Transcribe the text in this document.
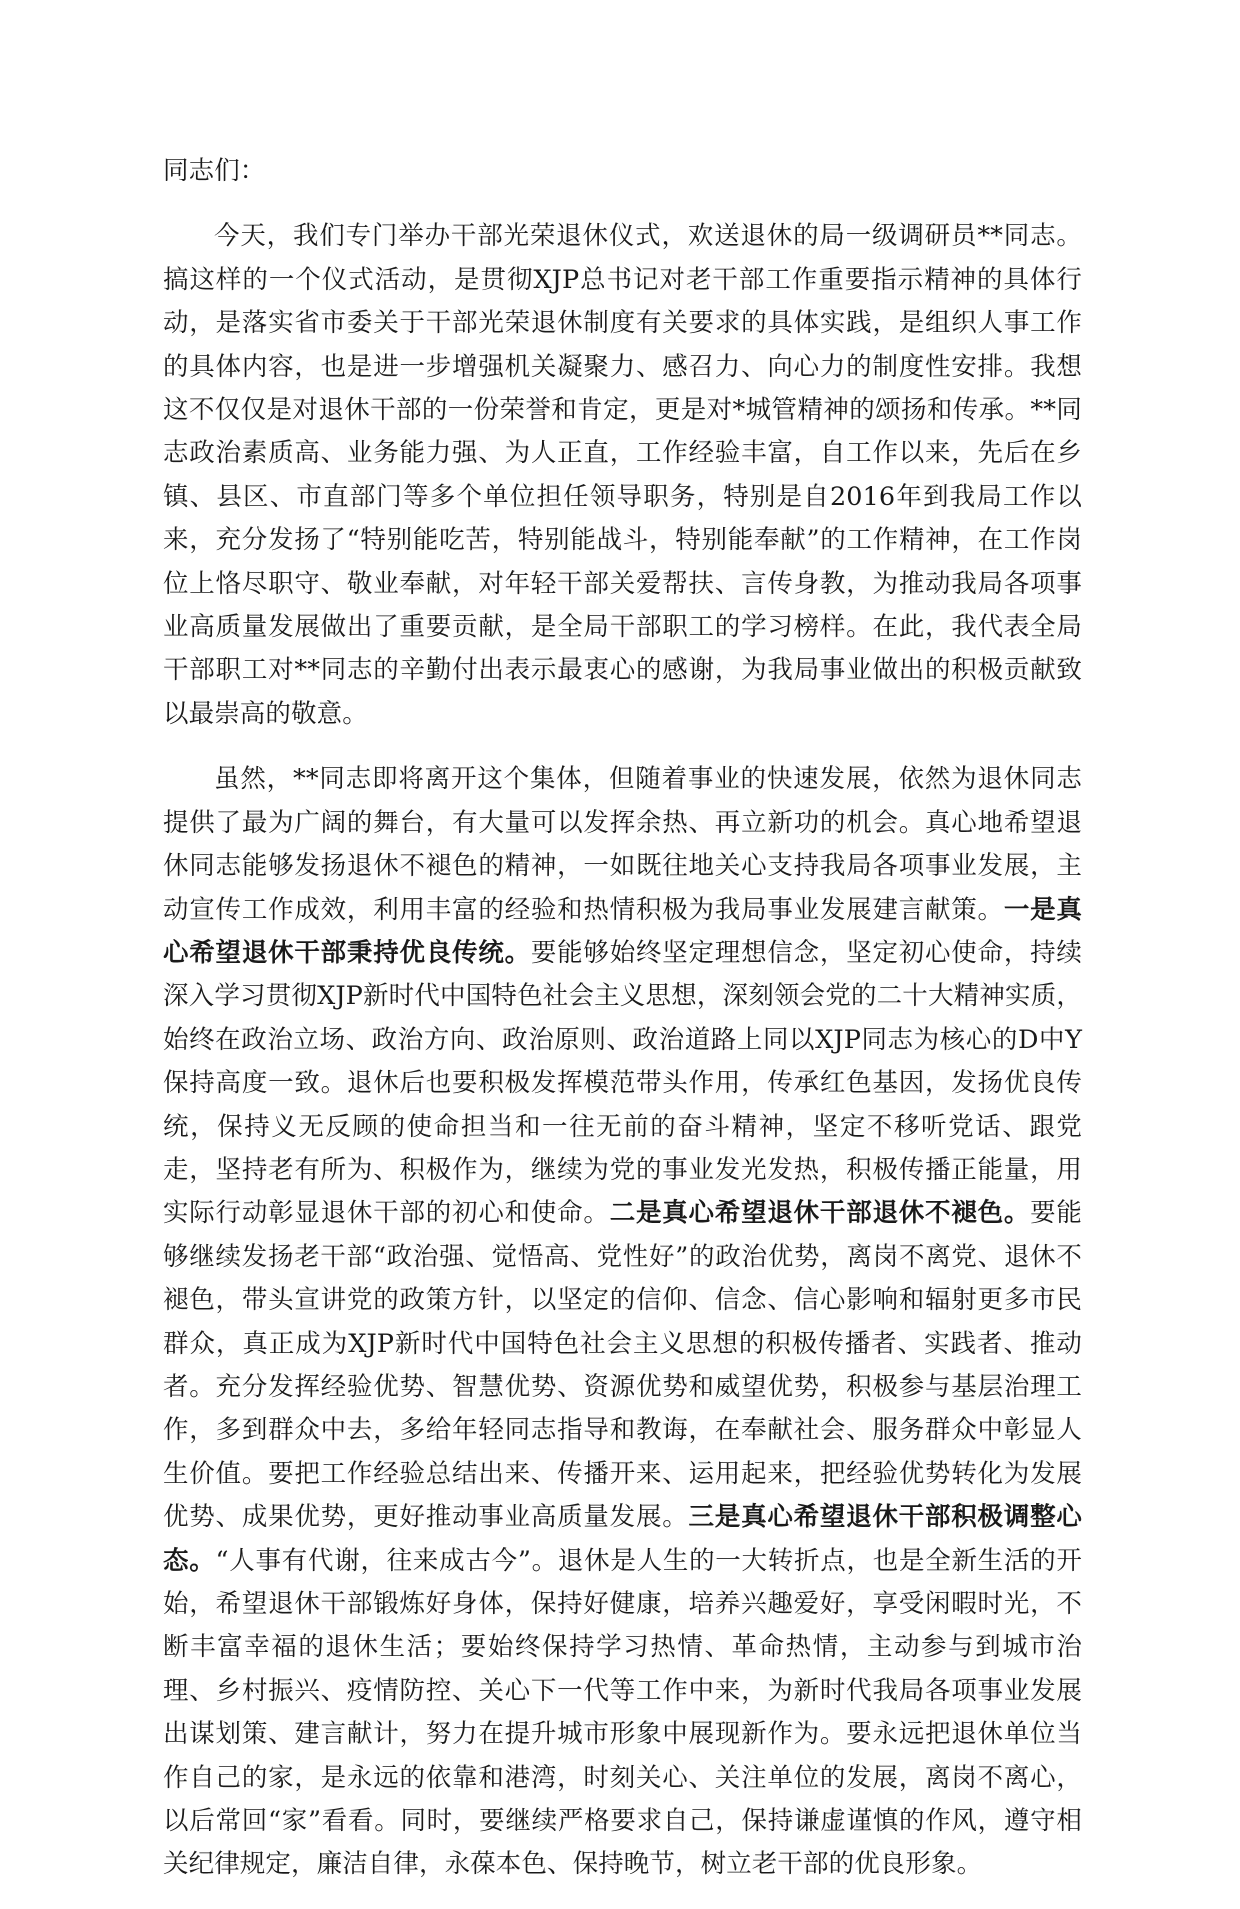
同志们：

今天，我们专门举办干部光荣退休仪式，欢送退休的局一级调研员**同志。搞这样的一个仪式活动，是贯彻XJP总书记对老干部工作重要指示精神的具体行动，是落实省市委关于干部光荣退休制度有关要求的具体实践，是组织人事工作的具体内容，也是进一步增强机关凝聚力、感召力、向心力的制度性安排。我想这不仅仅是对退休干部的一份荣誉和肯定，更是对*城管精神的颂扬和传承。**同志政治素质高、业务能力强、为人正直，工作经验丰富，自工作以来，先后在乡镇、县区、市直部门等多个单位担任领导职务，特别是自2016年到我局工作以来，充分发扬了“特别能吃苦，特别能战斗，特别能奉献”的工作精神，在工作岗位上恪尽职守、敬业奉献，对年轻干部关爱帮扶、言传身教，为推动我局各项事业高质量发展做出了重要贡献，是全局干部职工的学习榜样。在此，我代表全局干部职工对**同志的辛勤付出表示最衷心的感谢，为我局事业做出的积极贡献致以最崇高的敬意。

虽然，**同志即将离开这个集体，但随着事业的快速发展，依然为退休同志提供了最为广阔的舞台，有大量可以发挥余热、再立新功的机会。真心地希望退休同志能够发扬退休不褪色的精神，一如既往地关心支持我局各项事业发展，主动宣传工作成效，利用丰富的经验和热情积极为我局事业发展建言献策。一是真心希望退休干部秉持优良传统。要能够始终坚定理想信念，坚定初心使命，持续深入学习贯彻XJP新时代中国特色社会主义思想，深刻领会党的二十大精神实质，始终在政治立场、政治方向、政治原则、政治道路上同以XJP同志为核心的D中Y保持高度一致。退休后也要积极发挥模范带头作用，传承红色基因，发扬优良传统，保持义无反顾的使命担当和一往无前的奋斗精神，坚定不移听党话、跟党走，坚持老有所为、积极作为，继续为党的事业发光发热，积极传播正能量，用实际行动彰显退休干部的初心和使命。二是真心希望退休干部退休不褪色。要能够继续发扬老干部“政治强、觉悟高、党性好”的政治优势，离岗不离党、退休不褪色，带头宣讲党的政策方针，以坚定的信仰、信念、信心影响和辐射更多市民群众，真正成为XJP新时代中国特色社会主义思想的积极传播者、实践者、推动者。充分发挥经验优势、智慧优势、资源优势和威望优势，积极参与基层治理工作，多到群众中去，多给年轻同志指导和教诲，在奉献社会、服务群众中彰显人生价值。要把工作经验总结出来、传播开来、运用起来，把经验优势转化为发展优势、成果优势，更好推动事业高质量发展。三是真心希望退休干部积极调整心态。“人事有代谢，往来成古今”。退休是人生的一大转折点，也是全新生活的开始，希望退休干部锻炼好身体，保持好健康，培养兴趣爱好，享受闲暇时光，不断丰富幸福的退休生活；要始终保持学习热情、革命热情，主动参与到城市治理、乡村振兴、疫情防控、关心下一代等工作中来，为新时代我局各项事业发展出谋划策、建言献计，努力在提升城市形象中展现新作为。要永远把退休单位当作自己的家，是永远的依靠和港湾，时刻关心、关注单位的发展，离岗不离心，以后常回“家”看看。同时，要继续严格要求自己，保持谦虚谨慎的作风，遵守相关纪律规定，廉洁自律，永葆本色、保持晚节，树立老干部的优良形象。
